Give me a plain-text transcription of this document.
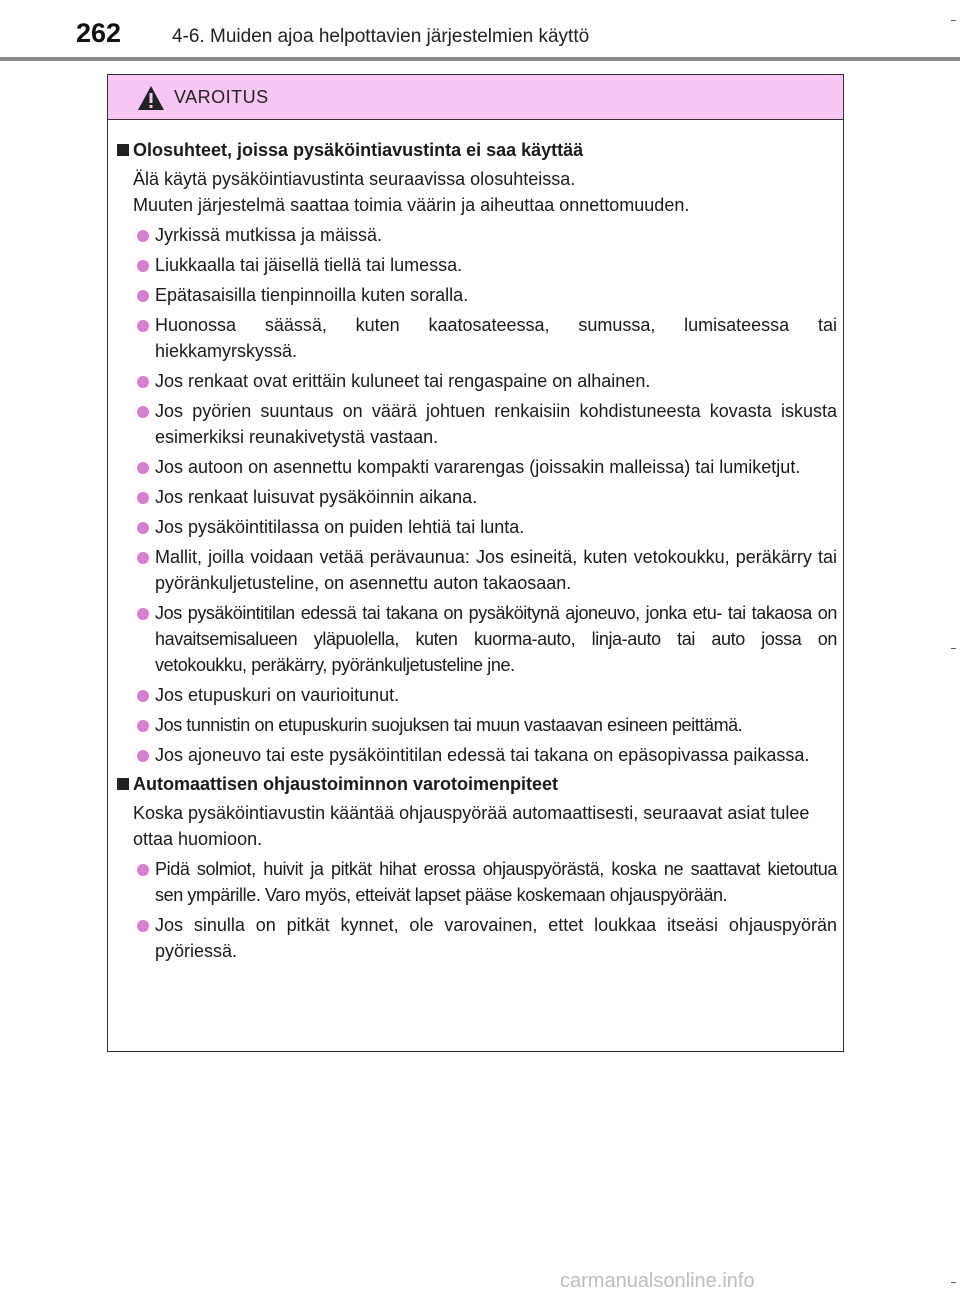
262	4-6. Muiden ajoa helpottavien järjestelmien käyttö
VAROITUS

Olosuhteet, joissa pysäköintiavustinta ei saa käyttää

Älä käytä pysäköintiavustinta seuraavissa olosuhteissa.
Muuten järjestelmä saattaa toimia väärin ja aiheuttaa onnettomuuden.

Jyrkissä mutkissa ja mäissä.
Liukkaalla tai jäisellä tiellä tai lumessa.
Epätasaisilla tienpinnoilla kuten soralla.
Huonossa säässä, kuten kaatosateessa, sumussa, lumisateessa tai hiekkamyrskyssä.
Jos renkaat ovat erittäin kuluneet tai rengaspaine on alhainen.
Jos pyörien suuntaus on väärä johtuen renkaisiin kohdistuneesta kovasta iskusta esimerkiksi reunakivetystä vastaan.
Jos autoon on asennettu kompakti vararengas (joissakin malleissa) tai lumiketjut.
Jos renkaat luisuvat pysäköinnin aikana.
Jos pysäköintitilassa on puiden lehtiä tai lunta.
Mallit, joilla voidaan vetää perävaunua: Jos esineitä, kuten vetokoukku, peräkärry tai pyöränkuljetusteline, on asennettu auton takaosaan.
Jos pysäköintitilan edessä tai takana on pysäköitynä ajoneuvo, jonka etu- tai takaosa on havaitsemisalueen yläpuolella, kuten kuorma-auto, linja-auto tai auto jossa on vetokoukku, peräkärry, pyöränkuljetusteline jne.
Jos etupuskuri on vaurioitunut.
Jos tunnistin on etupuskurin suojuksen tai muun vastaavan esineen peittämä.
Jos ajoneuvo tai este pysäköintitilan edessä tai takana on epäsopivassa paikassa.

Automaattisen ohjaustoiminnon varotoimenpiteet

Koska pysäköintiavustin kääntää ohjauspyörää automaattisesti, seuraavat asiat tulee ottaa huomioon.

Pidä solmiot, huivit ja pitkät hihat erossa ohjauspyörästä, koska ne saattavat kietoutua sen ympärille. Varo myös, etteivät lapset pääse koskemaan ohjauspyörään.
Jos sinulla on pitkät kynnet, ole varovainen, ettet loukkaa itseäsi ohjauspyörän pyöriessä.
carmanualsonline.info
